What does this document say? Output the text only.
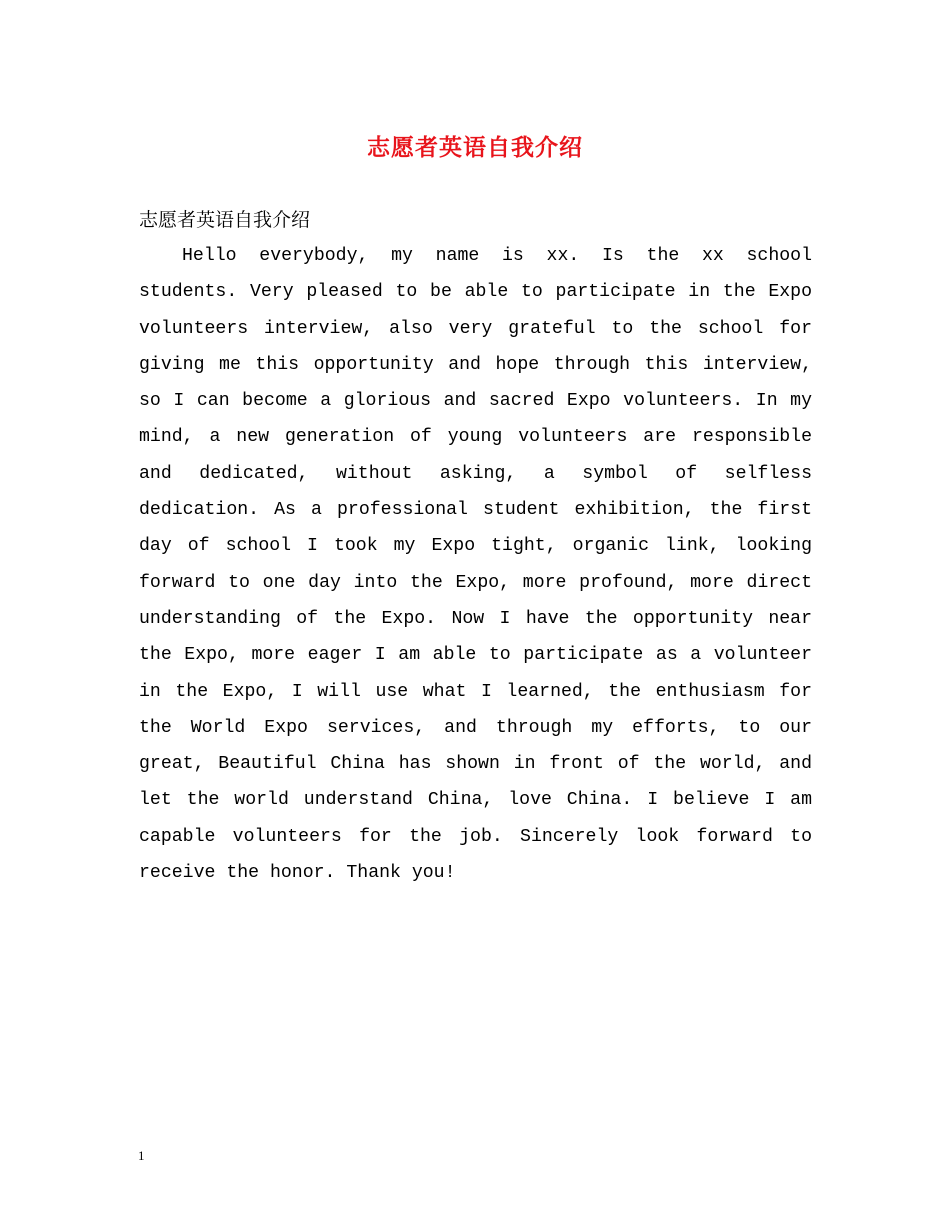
志愿者英语自我介绍
志愿者英语自我介绍

Hello everybody, my name is xx. Is the xx school students. Very pleased to be able to participate in the Expo volunteers interview, also very grateful to the school for giving me this opportunity and hope through this interview, so I can become a glorious and sacred Expo volunteers. In my mind, a new generation of young volunteers are responsible and dedicated, without asking, a symbol of selfless dedication. As a professional student exhibition, the first day of school I took my Expo tight, organic link, looking forward to one day into the Expo, more profound, more direct understanding of the Expo. Now I have the opportunity near the Expo, more eager I am able to participate as a volunteer in the Expo, I will use what I learned, the enthusiasm for the World Expo services, and through my efforts, to our great, Beautiful China has shown in front of the world, and let the world understand China, love China. I believe I am capable volunteers for the job. Sincerely look forward to receive the honor. Thank you!

1
